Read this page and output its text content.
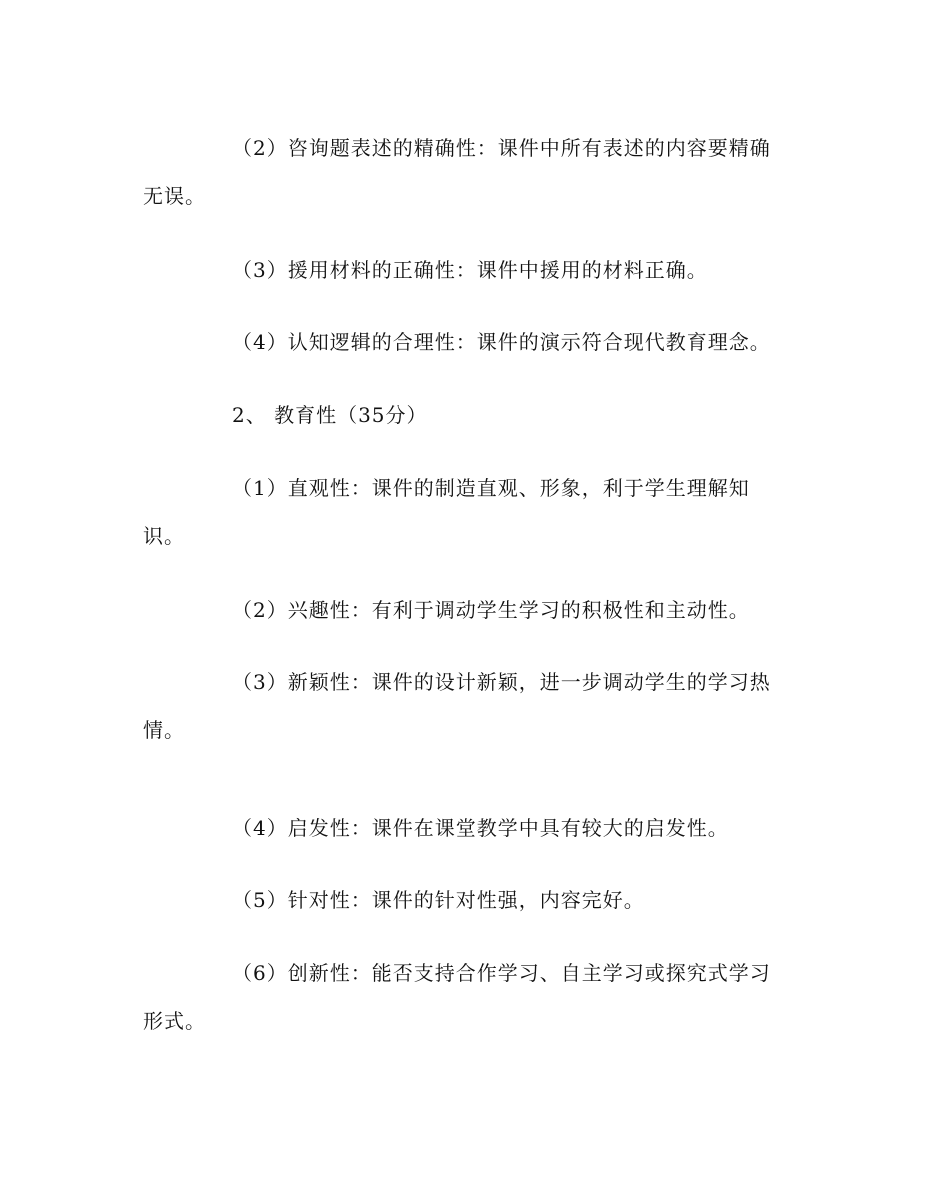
（2）咨询题表述的精确性：课件中所有表述的内容要精确
无误。
（3）援用材料的正确性：课件中援用的材料正确。
（4）认知逻辑的合理性：课件的演示符合现代教育理念。
2、 教育性（35分）
（1）直观性：课件的制造直观、形象，利于学生理解知
识。
（2）兴趣性：有利于调动学生学习的积极性和主动性。
（3）新颖性：课件的设计新颖，进一步调动学生的学习热
情。
（4）启发性：课件在课堂教学中具有较大的启发性。
（5）针对性：课件的针对性强，内容完好。
（6）创新性：能否支持合作学习、自主学习或探究式学习
形式。
